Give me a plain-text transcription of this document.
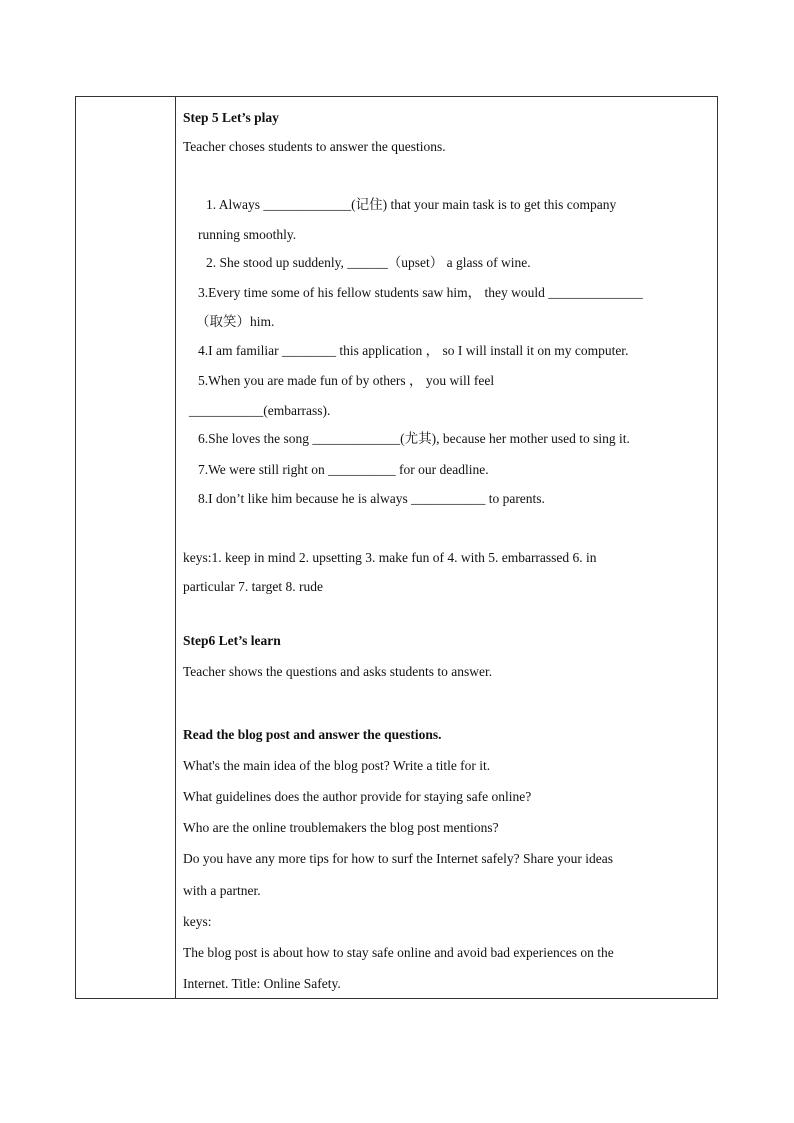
Step 5 Let’s play
Teacher choses students to answer the questions.
1. Always _____________(记住) that your main task is to get this company
running smoothly.
2. She stood up suddenly, ______（upset） a glass of wine.
3.Every time some of his fellow students saw him， they would ______________
（取笑）him.
4.I am familiar ________ this application ， so I will install it on my computer.
5.When you are made fun of by others ， you will feel
___________(embarrass).
6.She loves the song _____________(尤其), because her mother used to sing it.
7.We were still right on __________ for our deadline.
8.I don’t like him because he is always ___________ to parents.
keys:1. keep in mind 2. upsetting 3. make fun of 4. with 5. embarrassed 6. in
particular 7. target 8. rude
Step6 Let’s learn
Teacher shows the questions and asks students to answer.
Read the blog post and answer the questions.
What's the main idea of the blog post? Write a title for it.
What guidelines does the author provide for staying safe online?
Who are the online troublemakers the blog post mentions?
Do you have any more tips for how to surf the Internet safely? Share your ideas
with a partner.
keys:
The blog post is about how to stay safe online and avoid bad experiences on the
Internet. Title: Online Safety.
